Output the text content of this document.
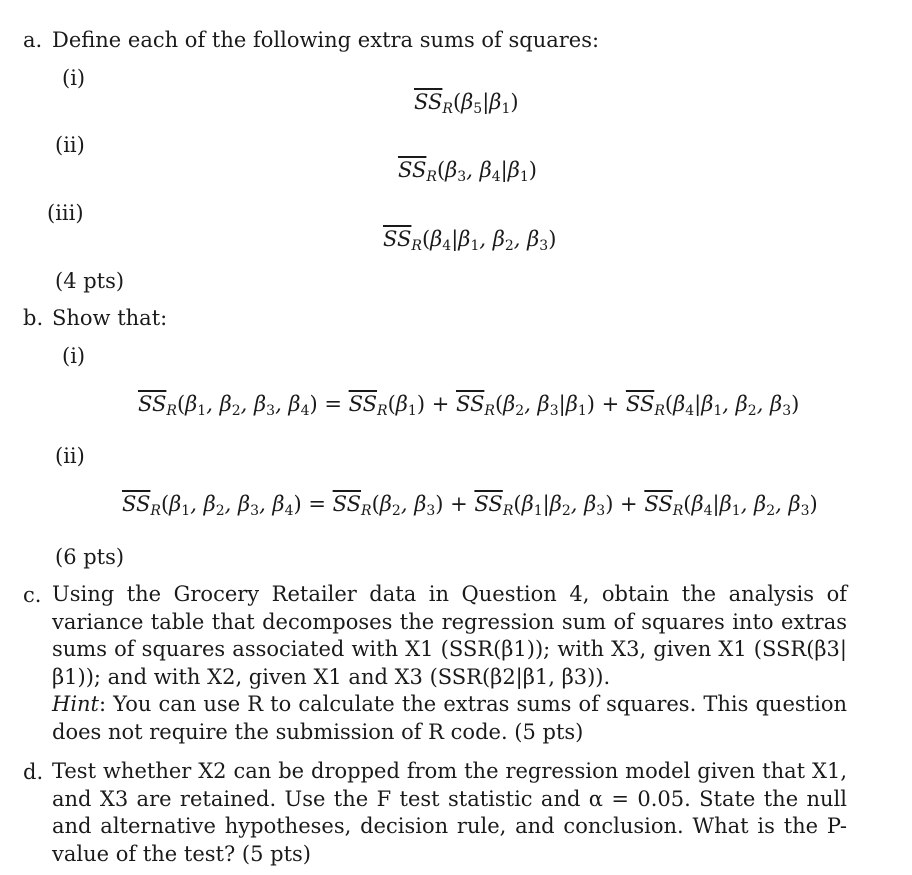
a. Define each of the following extra sums of squares:
(i)
$\overline{SS}_R(\beta_5|\beta_1)$
(ii)
$\overline{SS}_R(\beta_3$, $\beta_4|\beta_1$)
(iii)
$\overline{SS}_R(\beta_4|\beta_1$, $\beta_2$, $\beta_3$)
(4 pts)
b. Show that:
(i)
$\overline{SS}_R(\beta_1$, $\beta_2$, $\beta_3$, $\beta_4) = \overline{SS}_R(\beta_1) + \overline{SS}_R(\beta_2$, $\beta_3|\beta_1) + \overline{SS}_R(\beta_4|\beta_1$, $\beta_2$, $\beta_3$)
(ii)
$\overline{SS}_R(\beta_1$, $\beta_2$, $\beta_3$, $\beta_4) = \overline{SS}_R(\beta_2$, $\beta_3) + \overline{SS}_R(\beta_1|\beta_2$, $\beta_3) + \overline{SS}_R(\beta_4|\beta_1$, $\beta_2$, $\beta_3$)
(6 pts)
c. Using the Grocery Retailer data in Question 4, obtain the analysis of variance table that decomposes the regression sum of squares into extras sums of squares associated with X1 (SSR(β1)); with X3, given X1 (SSR(β3|β1)); and with X2, given X1 and X3 (SSR(β2|β1, β3)).
Hint: You can use R to calculate the extras sums of squares. This question does not require the submission of R code. (5 pts)
d. Test whether X2 can be dropped from the regression model given that X1, and X3 are retained. Use the F test statistic and α = 0.05. State the null and alternative hypotheses, decision rule, and conclusion. What is the P-value of the test? (5 pts)
